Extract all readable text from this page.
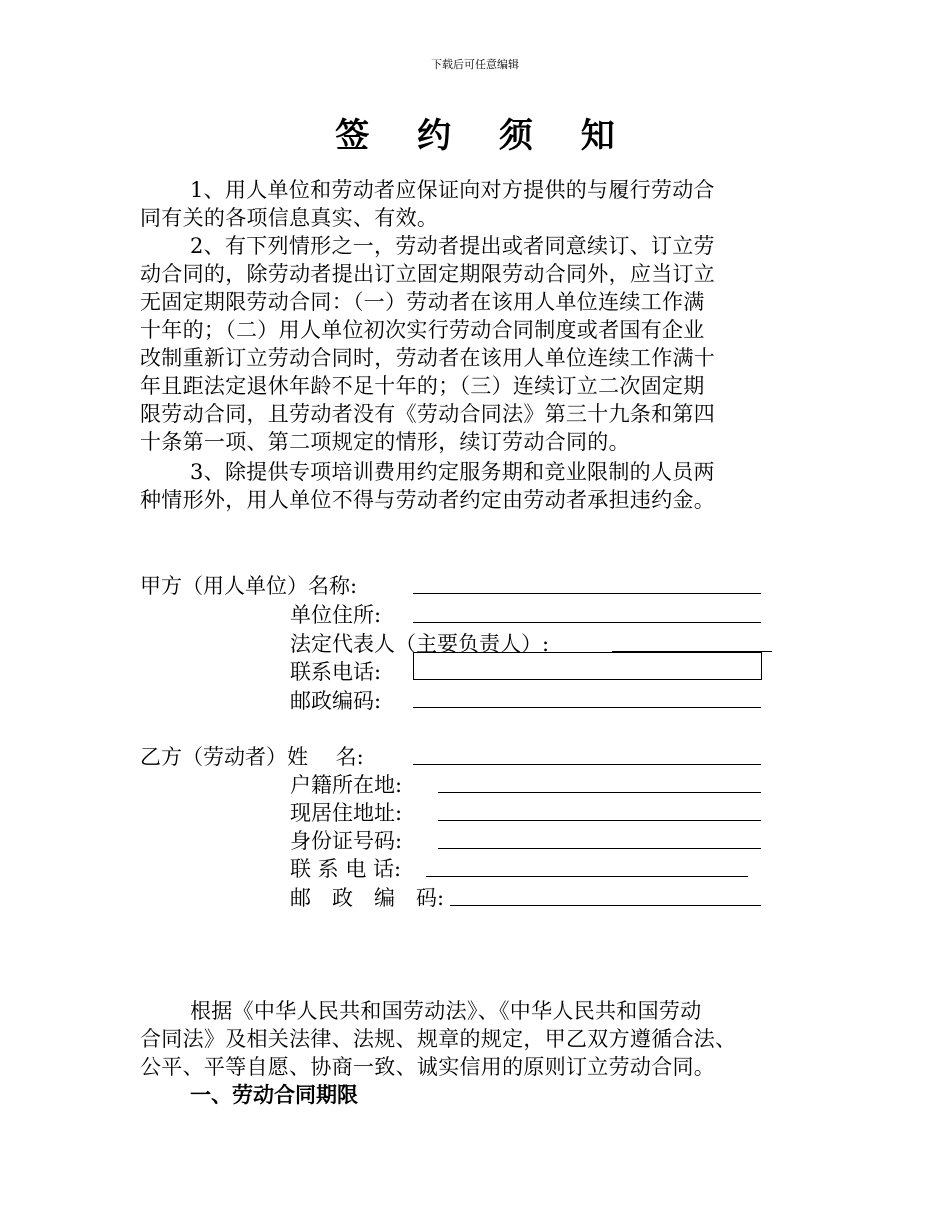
下载后可任意编辑
签 约 须 知
1、用人单位和劳动者应保证向对方提供的与履行劳动合
同有关的各项信息真实、有效。
2、有下列情形之一，劳动者提出或者同意续订、订立劳
动合同的，除劳动者提出订立固定期限劳动合同外，应当订立
无固定期限劳动合同：（一）劳动者在该用人单位连续工作满
十年的；（二）用人单位初次实行劳动合同制度或者国有企业
改制重新订立劳动合同时，劳动者在该用人单位连续工作满十
年且距法定退休年龄不足十年的；（三）连续订立二次固定期
限劳动合同，且劳动者没有《劳动合同法》第三十九条和第四
十条第一项、第二项规定的情形，续订劳动合同的。
3、除提供专项培训费用约定服务期和竞业限制的人员两
种情形外，用人单位不得与劳动者约定由劳动者承担违约金。
甲方（用人单位）名称:
单位住所:
法定代表人（主要负责人）:
联系电话:
邮政编码:
乙方（劳动者）姓　 名:
户籍所在地:
现居住地址:
身份证号码:
联 系 电 话:
邮　政　编　码:
根据《中华人民共和国劳动法》、《中华人民共和国劳动
合同法》及相关法律、法规、规章的规定，甲乙双方遵循合法、
公平、平等自愿、协商一致、诚实信用的原则订立劳动合同。
一、劳动合同期限
